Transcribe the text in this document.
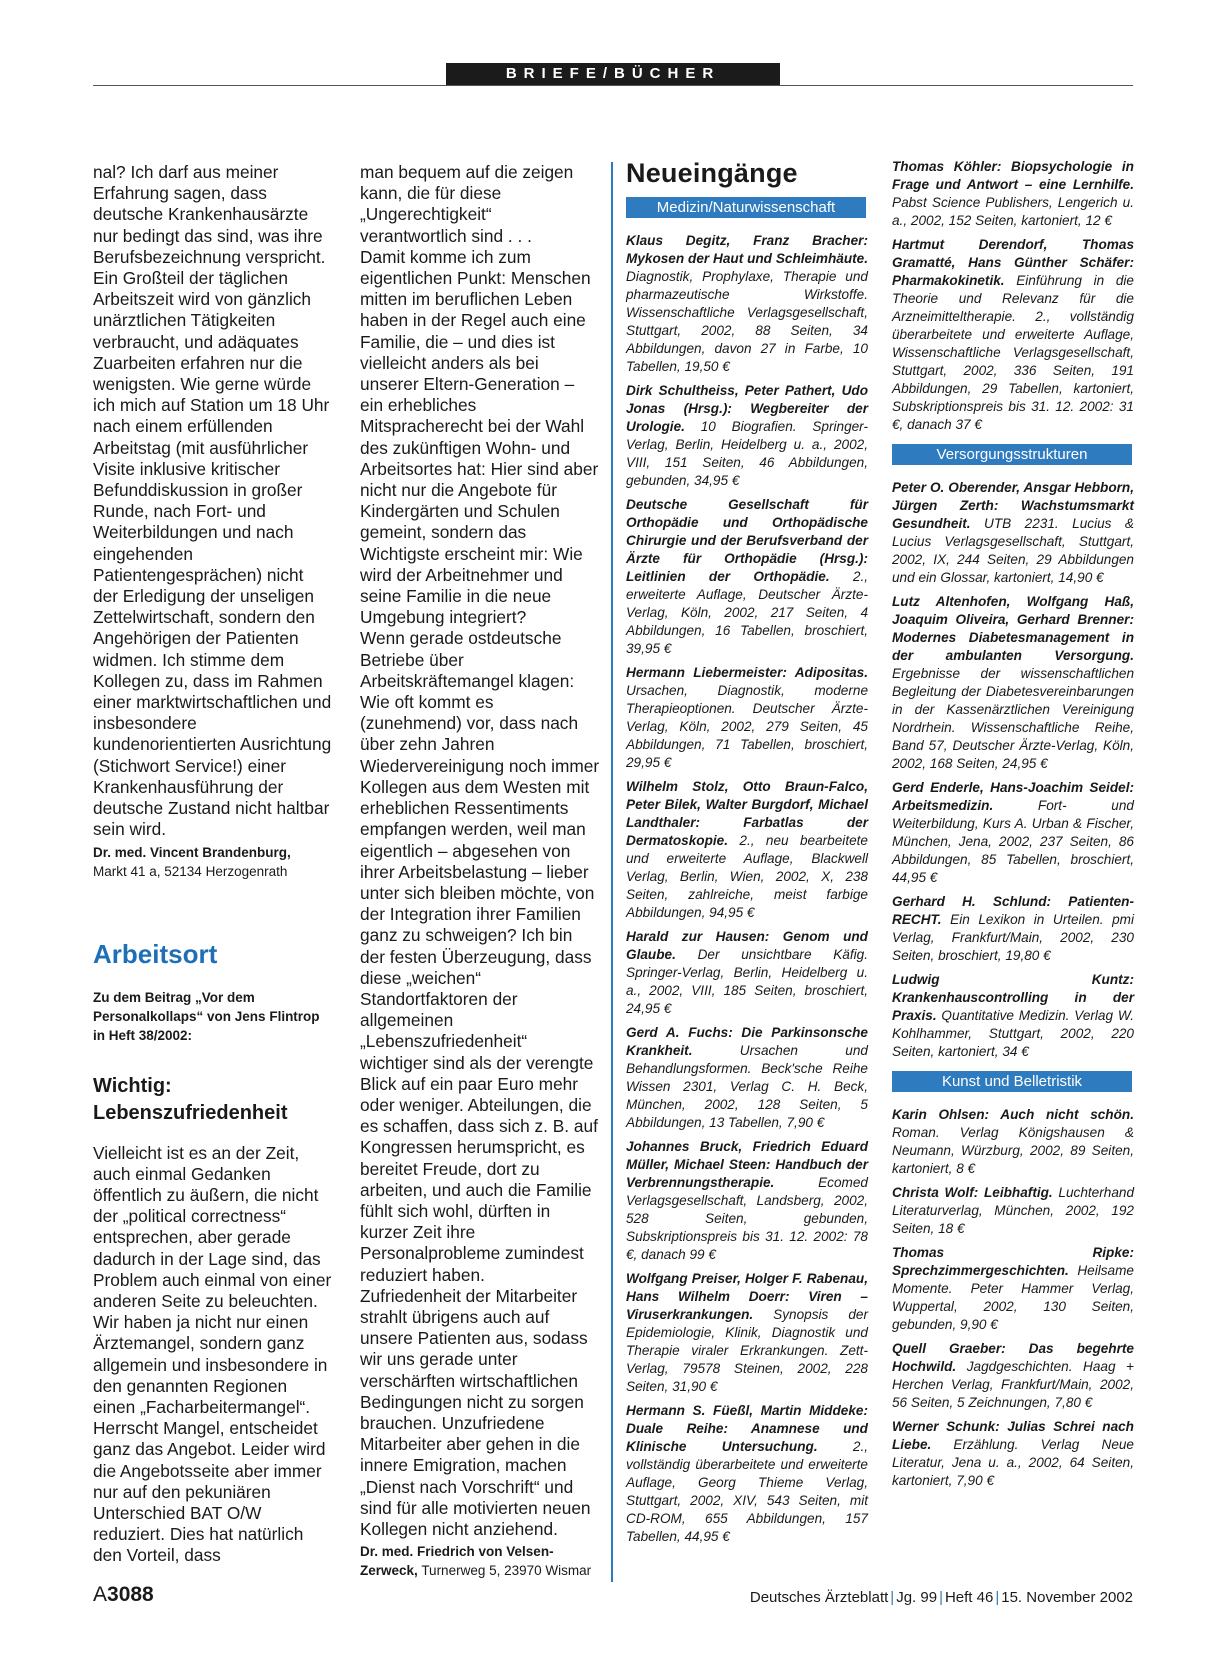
BRIEFE/BÜCHER

nal? Ich darf aus meiner Erfahrung sagen, dass deutsche Krankenhausärzte nur bedingt das sind, was ihre Berufsbezeichnung verspricht. Ein Großteil der täglichen Arbeitszeit wird von gänzlich unärztlichen Tätigkeiten verbraucht, und adäquates Zuarbeiten erfahren nur die wenigsten. Wie gerne würde ich mich auf Station um 18 Uhr nach einem erfüllenden Arbeitstag (mit ausführlicher Visite inklusive kritischer Befunddiskussion in großer Runde, nach Fort- und Weiterbildungen und nach eingehenden Patientengesprächen) nicht der Erledigung der unseligen Zettelwirtschaft, sondern den Angehörigen der Patienten widmen. Ich stimme dem Kollegen zu, dass im Rahmen einer marktwirtschaftlichen und insbesondere kundenorientierten Ausrichtung (Stichwort Service!) einer Krankenhausführung der deutsche Zustand nicht haltbar sein wird.

Dr. med. Vincent Brandenburg,
Markt 41 a, 52134 Herzogenrath

Arbeitsort

Zu dem Beitrag „Vor dem Personalkollaps“ von Jens Flintrop in Heft 38/2002:

Wichtig: Lebenszufriedenheit

Vielleicht ist es an der Zeit, auch einmal Gedanken öffentlich zu äußern, die nicht der „political correctness“ entsprechen, aber gerade dadurch in der Lage sind, das Problem auch einmal von einer anderen Seite zu beleuchten.

Wir haben ja nicht nur einen Ärztemangel, sondern ganz allgemein und insbesondere in den genannten Regionen einen „Facharbeitermangel“. Herrscht Mangel, entscheidet ganz das Angebot. Leider wird die Angebotsseite aber immer nur auf den pekuniären Unterschied BAT O/W reduziert. Dies hat natürlich den Vorteil, dass

man bequem auf die zeigen kann, die für diese „Ungerechtigkeit“ verantwortlich sind . . .

Damit komme ich zum eigentlichen Punkt: Menschen mitten im beruflichen Leben haben in der Regel auch eine Familie, die – und dies ist vielleicht anders als bei unserer Eltern-Generation – ein erhebliches Mitspracherecht bei der Wahl des zukünftigen Wohn- und Arbeitsortes hat: Hier sind aber nicht nur die Angebote für Kindergärten und Schulen gemeint, sondern das Wichtigste erscheint mir: Wie wird der Arbeitnehmer und seine Familie in die neue Umgebung integriert?

Wenn gerade ostdeutsche Betriebe über Arbeitskräftemangel klagen: Wie oft kommt es (zunehmend) vor, dass nach über zehn Jahren Wiedervereinigung noch immer Kollegen aus dem Westen mit erheblichen Ressentiments empfangen werden, weil man eigentlich – abgesehen von ihrer Arbeitsbelastung – lieber unter sich bleiben möchte, von der Integration ihrer Familien ganz zu schweigen? Ich bin der festen Überzeugung, dass diese „weichen“ Standortfaktoren der allgemeinen „Lebenszufriedenheit“ wichtiger sind als der verengte Blick auf ein paar Euro mehr oder weniger. Abteilungen, die es schaffen, dass sich z. B. auf Kongressen herumspricht, es bereitet Freude, dort zu arbeiten, und auch die Familie fühlt sich wohl, dürften in kurzer Zeit ihre Personalprobleme zumindest reduziert haben.

Zufriedenheit der Mitarbeiter strahlt übrigens auch auf unsere Patienten aus, sodass wir uns gerade unter verschärften wirtschaftlichen Bedingungen nicht zu sorgen brauchen. Unzufriedene Mitarbeiter aber gehen in die innere Emigration, machen „Dienst nach Vorschrift“ und sind für alle motivierten neuen Kollegen nicht anziehend.

Dr. med. Friedrich von Velsen-Zerweck, Turnerweg 5, 23970 Wismar

Neueingänge
Medizin/Naturwissenschaft

Klaus Degitz, Franz Bracher: Mykosen der Haut und Schleimhäute. Diagnostik, Prophylaxe, Therapie und pharmazeutische Wirkstoffe. Wissenschaftliche Verlagsgesellschaft, Stuttgart, 2002, 88 Seiten, 34 Abbildungen, davon 27 in Farbe, 10 Tabellen, 19,50 €

Dirk Schultheiss, Peter Pathert, Udo Jonas (Hrsg.): Wegbereiter der Urologie. 10 Biografien. Springer-Verlag, Berlin, Heidelberg u. a., 2002, VIII, 151 Seiten, 46 Abbildungen, gebunden, 34,95 €

Deutsche Gesellschaft für Orthopädie und Orthopädische Chirurgie und der Berufsverband der Ärzte für Orthopädie (Hrsg.): Leitlinien der Orthopädie. 2., erweiterte Auflage, Deutscher Ärzte-Verlag, Köln, 2002, 217 Seiten, 4 Abbildungen, 16 Tabellen, broschiert, 39,95 €

Hermann Liebermeister: Adipositas. Ursachen, Diagnostik, moderne Therapieoptionen. Deutscher Ärzte-Verlag, Köln, 2002, 279 Seiten, 45 Abbildungen, 71 Tabellen, broschiert, 29,95 €

Wilhelm Stolz, Otto Braun-Falco, Peter Bilek, Walter Burgdorf, Michael Landthaler: Farbatlas der Dermatoskopie. 2., neu bearbeitete und erweiterte Auflage, Blackwell Verlag, Berlin, Wien, 2002, X, 238 Seiten, zahlreiche, meist farbige Abbildungen, 94,95 €

Harald zur Hausen: Genom und Glaube. Der unsichtbare Käfig. Springer-Verlag, Berlin, Heidelberg u. a., 2002, VIII, 185 Seiten, broschiert, 24,95 €

Gerd A. Fuchs: Die Parkinsonsche Krankheit. Ursachen und Behandlungsformen. Beck'sche Reihe Wissen 2301, Verlag C. H. Beck, München, 2002, 128 Seiten, 5 Abbildungen, 13 Tabellen, 7,90 €

Johannes Bruck, Friedrich Eduard Müller, Michael Steen: Handbuch der Verbrennungstherapie. Ecomed Verlagsgesellschaft, Landsberg, 2002, 528 Seiten, gebunden, Subskriptionspreis bis 31. 12. 2002: 78 €, danach 99 €

Wolfgang Preiser, Holger F. Rabenau, Hans Wilhelm Doerr: Viren – Viruserkrankungen. Synopsis der Epidemiologie, Klinik, Diagnostik und Therapie viraler Erkrankungen. Zett-Verlag, 79578 Steinen, 2002, 228 Seiten, 31,90 €

Hermann S. Füeßl, Martin Middeke: Duale Reihe: Anamnese und Klinische Untersuchung. 2., vollständig überarbeitete und erweiterte Auflage, Georg Thieme Verlag, Stuttgart, 2002, XIV, 543 Seiten, mit CD-ROM, 655 Abbildungen, 157 Tabellen, 44,95 €

Thomas Köhler: Biopsychologie in Frage und Antwort – eine Lernhilfe. Pabst Science Publishers, Lengerich u. a., 2002, 152 Seiten, kartoniert, 12 €

Hartmut Derendorf, Thomas Gramatté, Hans Günther Schäfer: Pharmakokinetik. Einführung in die Theorie und Relevanz für die Arzneimitteltherapie. 2., vollständig überarbeitete und erweiterte Auflage, Wissenschaftliche Verlagsgesellschaft, Stuttgart, 2002, 336 Seiten, 191 Abbildungen, 29 Tabellen, kartoniert, Subskriptionspreis bis 31. 12. 2002: 31 €, danach 37 €

Versorgungsstrukturen

Peter O. Oberender, Ansgar Hebborn, Jürgen Zerth: Wachstumsmarkt Gesundheit. UTB 2231. Lucius & Lucius Verlagsgesellschaft, Stuttgart, 2002, IX, 244 Seiten, 29 Abbildungen und ein Glossar, kartoniert, 14,90 €

Lutz Altenhofen, Wolfgang Haß, Joaquim Oliveira, Gerhard Brenner: Modernes Diabetesmanagement in der ambulanten Versorgung. Ergebnisse der wissenschaftlichen Begleitung der Diabetesvereinbarungen in der Kassenärztlichen Vereinigung Nordrhein. Wissenschaftliche Reihe, Band 57, Deutscher Ärzte-Verlag, Köln, 2002, 168 Seiten, 24,95 €

Gerd Enderle, Hans-Joachim Seidel: Arbeitsmedizin. Fort- und Weiterbildung, Kurs A. Urban & Fischer, München, Jena, 2002, 237 Seiten, 86 Abbildungen, 85 Tabellen, broschiert, 44,95 €

Gerhard H. Schlund: Patienten-RECHT. Ein Lexikon in Urteilen. pmi Verlag, Frankfurt/Main, 2002, 230 Seiten, broschiert, 19,80 €

Ludwig Kuntz: Krankenhauscontrolling in der Praxis. Quantitative Medizin. Verlag W. Kohlhammer, Stuttgart, 2002, 220 Seiten, kartoniert, 34 €

Kunst und Belletristik

Karin Ohlsen: Auch nicht schön. Roman. Verlag Königshausen & Neumann, Würzburg, 2002, 89 Seiten, kartoniert, 8 €

Christa Wolf: Leibhaftig. Luchterhand Literaturverlag, München, 2002, 192 Seiten, 18 €

Thomas Ripke: Sprechzimmergeschichten. Heilsame Momente. Peter Hammer Verlag, Wuppertal, 2002, 130 Seiten, gebunden, 9,90 €

Quell Graeber: Das begehrte Hochwild. Jagdgeschichten. Haag + Herchen Verlag, Frankfurt/Main, 2002, 56 Seiten, 5 Zeichnungen, 7,80 €

Werner Schunk: Julias Schrei nach Liebe. Erzählung. Verlag Neue Literatur, Jena u. a., 2002, 64 Seiten, kartoniert, 7,90 €

A3088	Deutsches Ärzteblatt | Jg. 99 | Heft 46 | 15. November 2002
